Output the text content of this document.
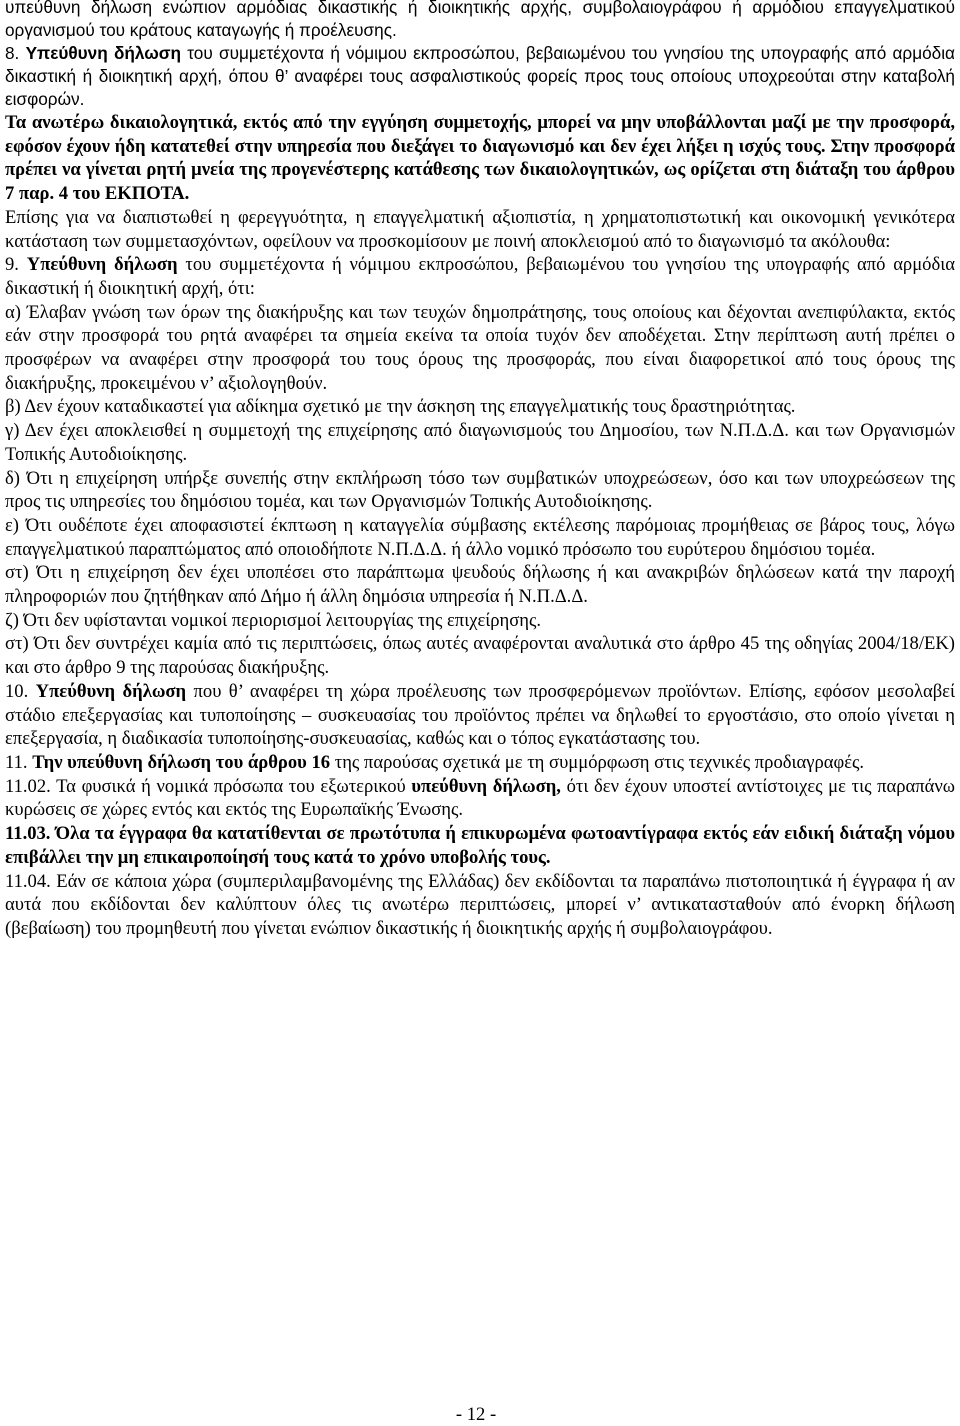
υπεύθυνη δήλωση ενώπιον αρμόδιας δικαστικής ή διοικητικής αρχής, συμβολαιογράφου ή αρμόδιου επαγγελματικού οργανισμού του κράτους καταγωγής ή προέλευσης.

8. Υπεύθυνη δήλωση του συμμετέχοντα ή νόμιμου εκπροσώπου, βεβαιωμένου του γνησίου της υπογραφής από αρμόδια δικαστική ή διοικητική αρχή, όπου θ’ αναφέρει τους ασφαλιστικούς φορείς προς τους οποίους υποχρεούται στην καταβολή εισφορών.

Τα ανωτέρω δικαιολογητικά, εκτός από την εγγύηση συμμετοχής, μπορεί να μην υποβάλλονται μαζί με την προσφορά, εφόσον έχουν ήδη κατατεθεί στην υπηρεσία που διεξάγει το διαγωνισμό και δεν έχει λήξει η ισχύς τους. Στην προσφορά πρέπει να γίνεται ρητή μνεία της προγενέστερης κατάθεσης των δικαιολογητικών, ως ορίζεται στη διάταξη του άρθρου 7 παρ. 4 του ΕΚΠΟΤΑ.

Επίσης για να διαπιστωθεί η φερεγγυότητα, η επαγγελματική αξιοπιστία, η χρηματοπιστωτική και οικονομική γενικότερα κατάσταση των συμμετασχόντων, οφείλουν να προσκομίσουν με ποινή αποκλεισμού από το διαγωνισμό τα ακόλουθα:

9. Υπεύθυνη δήλωση του συμμετέχοντα ή νόμιμου εκπροσώπου, βεβαιωμένου του γνησίου της υπογραφής από αρμόδια δικαστική ή διοικητική αρχή, ότι:

α) Έλαβαν γνώση των όρων της διακήρυξης και των τευχών δημοπράτησης, τους οποίους και δέχονται ανεπιφύλακτα, εκτός εάν στην προσφορά του ρητά αναφέρει τα σημεία εκείνα τα οποία τυχόν δεν αποδέχεται. Στην περίπτωση αυτή πρέπει ο προσφέρων να αναφέρει στην προσφορά του τους όρους της προσφοράς, που είναι διαφορετικοί από τους όρους της διακήρυξης, προκειμένου ν’ αξιολογηθούν.

β) Δεν έχουν καταδικαστεί για αδίκημα σχετικό με την άσκηση της επαγγελματικής τους δραστηριότητας.

γ) Δεν έχει αποκλεισθεί η συμμετοχή της επιχείρησης από διαγωνισμούς του Δημοσίου, των Ν.Π.Δ.Δ. και των Οργανισμών Τοπικής Αυτοδιοίκησης.

δ) Ότι η επιχείρηση υπήρξε συνεπής στην εκπλήρωση τόσο των συμβατικών υποχρεώσεων, όσο και των υποχρεώσεων της προς τις υπηρεσίες του δημόσιου τομέα, και των Οργανισμών Τοπικής Αυτοδιοίκησης.

ε) Ότι ουδέποτε έχει αποφασιστεί έκπτωση η καταγγελία σύμβασης εκτέλεσης παρόμοιας προμήθειας σε βάρος τους, λόγω επαγγελματικού παραπτώματος από οποιοδήποτε Ν.Π.Δ.Δ. ή άλλο νομικό πρόσωπο του ευρύτερου δημόσιου τομέα.

στ) Ότι η επιχείρηση δεν έχει υποπέσει στο παράπτωμα ψευδούς δήλωσης ή και ανακριβών δηλώσεων κατά την παροχή πληροφοριών που ζητήθηκαν από Δήμο ή άλλη δημόσια υπηρεσία ή Ν.Π.Δ.Δ.

ζ) Ότι δεν υφίστανται νομικοί περιορισμοί λειτουργίας της επιχείρησης.

στ) Ότι δεν συντρέχει καμία από τις περιπτώσεις, όπως αυτές αναφέρονται αναλυτικά στο άρθρο 45 της οδηγίας 2004/18/ΕΚ) και στο άρθρο 9 της παρούσας διακήρυξης.

10. Υπεύθυνη δήλωση που θ’ αναφέρει τη χώρα προέλευσης των προσφερόμενων προϊόντων. Επίσης, εφόσον μεσολαβεί στάδιο επεξεργασίας και τυποποίησης – συσκευασίας του προϊόντος πρέπει να δηλωθεί το εργοστάσιο, στο οποίο γίνεται η επεξεργασία, η διαδικασία τυποποίησης-συσκευασίας, καθώς και ο τόπος εγκατάστασης του.

11. Την υπεύθυνη δήλωση του άρθρου 16 της παρούσας σχετικά με τη συμμόρφωση στις τεχνικές προδιαγραφές.

11.02. Τα φυσικά ή νομικά πρόσωπα του εξωτερικού υπεύθυνη δήλωση, ότι δεν έχουν υποστεί αντίστοιχες με τις παραπάνω κυρώσεις σε χώρες εντός και εκτός της Ευρωπαϊκής Ένωσης.

11.03. Όλα τα έγγραφα θα κατατίθενται σε πρωτότυπα ή επικυρωμένα φωτοαντίγραφα εκτός εάν ειδική διάταξη νόμου επιβάλλει την μη επικαιροποίησή τους κατά το χρόνο υποβολής τους.

11.04. Εάν σε κάποια χώρα (συμπεριλαμβανομένης της Ελλάδας) δεν εκδίδονται τα παραπάνω πιστοποιητικά ή έγγραφα ή αν αυτά που εκδίδονται δεν καλύπτουν όλες τις ανωτέρω περιπτώσεις, μπορεί ν’ αντικατασταθούν από ένορκη δήλωση (βεβαίωση) του προμηθευτή που γίνεται ενώπιον δικαστικής ή διοικητικής αρχής ή συμβολαιογράφου.

- 12 -
